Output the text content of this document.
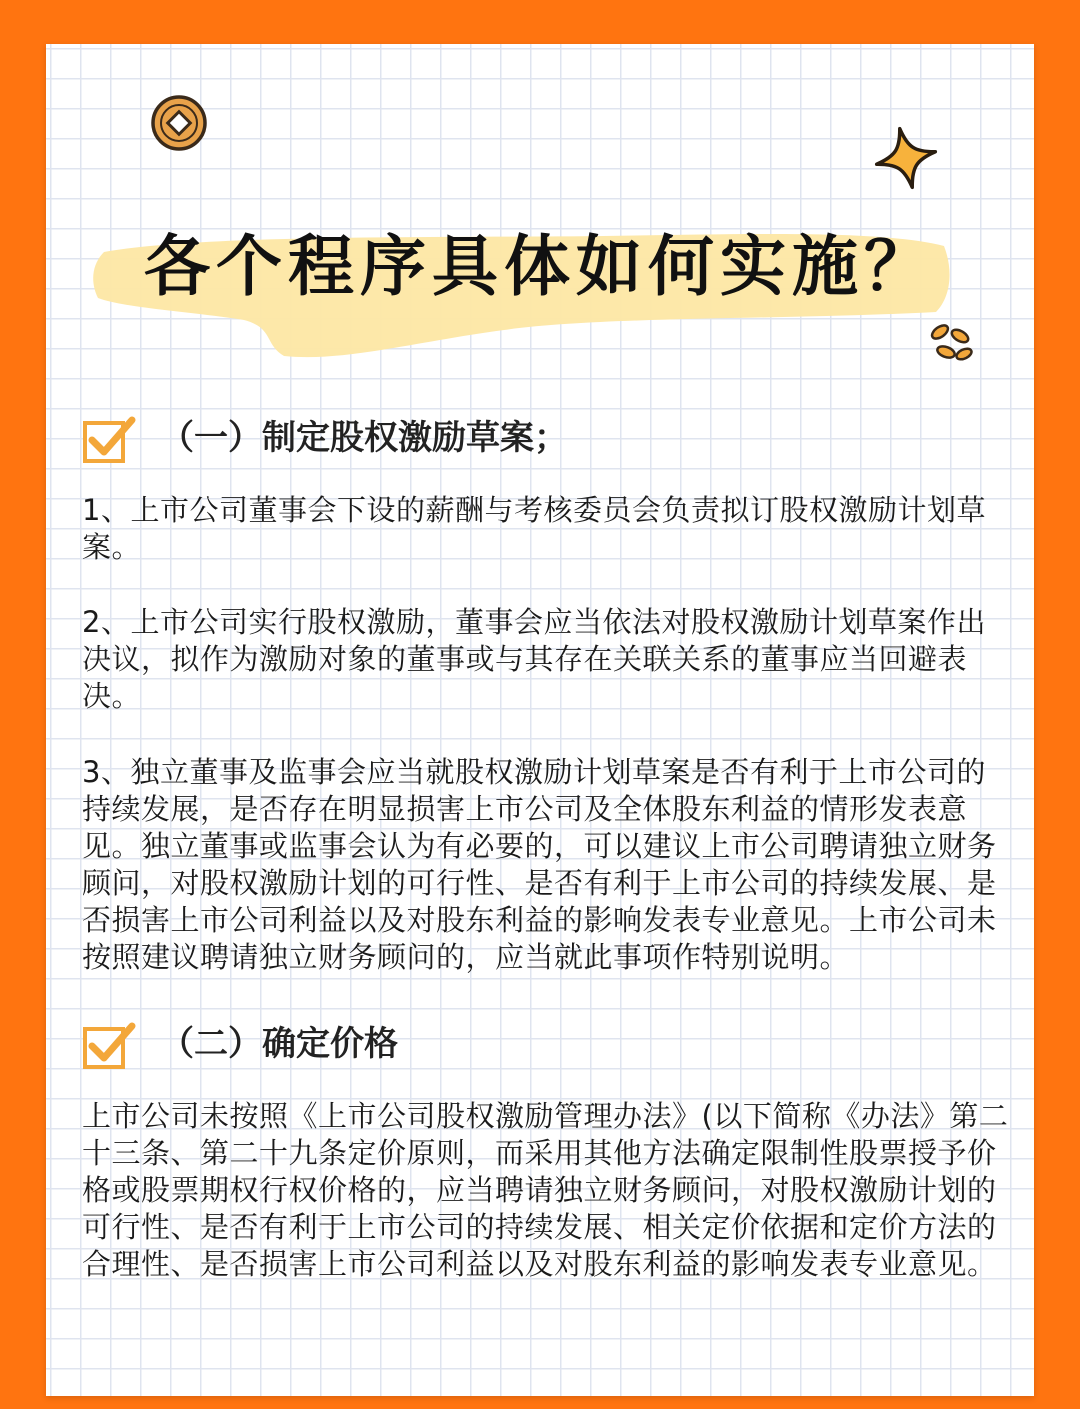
各个程序具体如何实施？
（一）制定股权激励草案；

1、上市公司董事会下设的薪酬与考核委员会负责拟订股权激励计划草案。

2、上市公司实行股权激励，董事会应当依法对股权激励计划草案作出决议，拟作为激励对象的董事或与其存在关联关系的董事应当回避表决。

3、独立董事及监事会应当就股权激励计划草案是否有利于上市公司的持续发展，是否存在明显损害上市公司及全体股东利益的情形发表意见。独立董事或监事会认为有必要的，可以建议上市公司聘请独立财务顾问，对股权激励计划的可行性、是否有利于上市公司的持续发展、是否损害上市公司利益以及对股东利益的影响发表专业意见。上市公司未按照建议聘请独立财务顾问的，应当就此事项作特别说明。

（二）确定价格

上市公司未按照《上市公司股权激励管理办法》(以下简称《办法》第二十三条、第二十九条定价原则，而采用其他方法确定限制性股票授予价格或股票期权行权价格的，应当聘请独立财务顾问，对股权激励计划的可行性、是否有利于上市公司的持续发展、相关定价依据和定价方法的合理性、是否损害上市公司利益以及对股东利益的影响发表专业意见。
